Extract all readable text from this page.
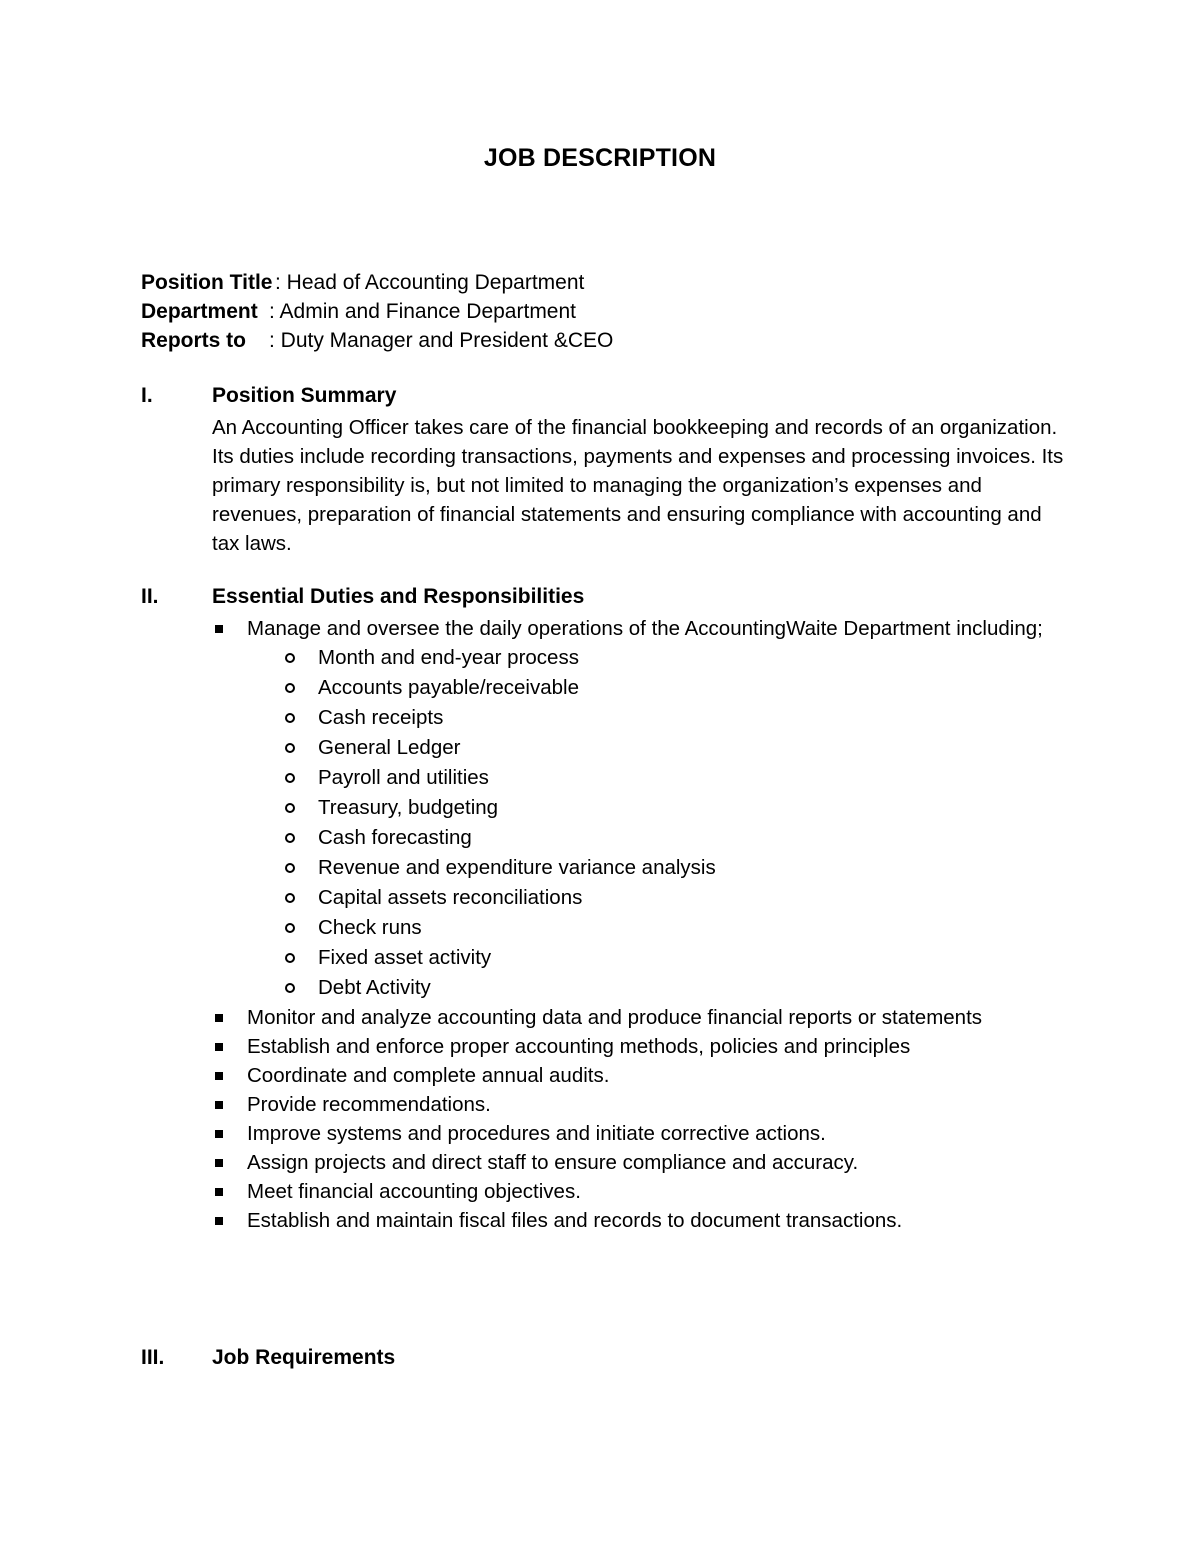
JOB DESCRIPTION
Position Title : Head of Accounting Department
Department : Admin and Finance Department
Reports to : Duty Manager and President &CEO
I.	Position Summary
An Accounting Officer takes care of the financial bookkeeping and records of an organization. Its duties include recording transactions, payments and expenses and processing invoices. Its primary responsibility is, but not limited to managing the organization’s expenses and revenues, preparation of financial statements and ensuring compliance with accounting and tax laws.
II.	Essential Duties and Responsibilities
Manage and oversee the daily operations of the AccountingWaite Department including;
Month and end-year process
Accounts payable/receivable
Cash receipts
General Ledger
Payroll and utilities
Treasury, budgeting
Cash forecasting
Revenue and expenditure variance analysis
Capital assets reconciliations
Check runs
Fixed asset activity
Debt Activity
Monitor and analyze accounting data and produce financial reports or statements
Establish and enforce proper accounting methods, policies and principles
Coordinate and complete annual audits.
Provide recommendations.
Improve systems and procedures and initiate corrective actions.
Assign projects and direct staff to ensure compliance and accuracy.
Meet financial accounting objectives.
Establish and maintain fiscal files and records to document transactions.
III. Job Requirements
